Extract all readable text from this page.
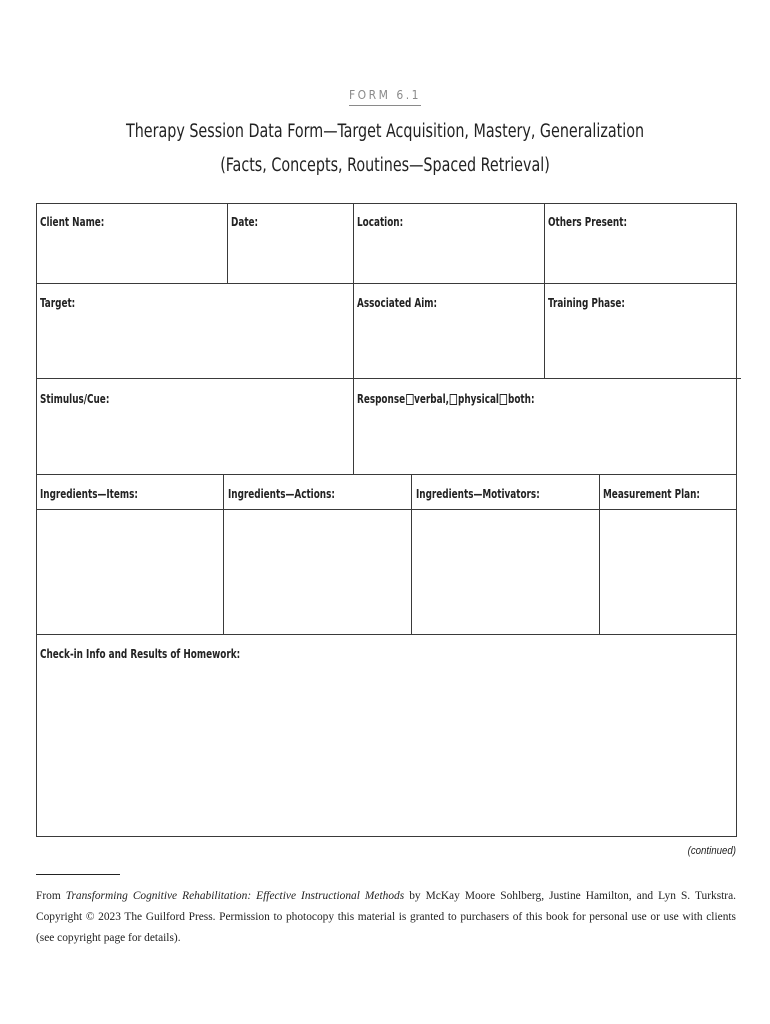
FORM 6.1
Therapy Session Data Form—Target Acquisition, Mastery, Generalization
(Facts, Concepts, Routines—Spaced Retrieval)
Client Name:	Date:	Location:	Others Present:
Target:	Associated Aim:	Training Phase:
Stimulus/Cue:	Response verbal, physical both:
Ingredients—Items:	Ingredients—Actions:	Ingredients—Motivators:	Measurement Plan:
Check-in Info and Results of Homework:
(continued)
From Transforming Cognitive Rehabilitation: Effective Instructional Methods by McKay Moore Sohlberg, Justine Hamilton, and Lyn S. Turkstra. Copyright © 2023 The Guilford Press. Permission to photocopy this material is granted to purchasers of this book for personal use or use with clients (see copyright page for details).
